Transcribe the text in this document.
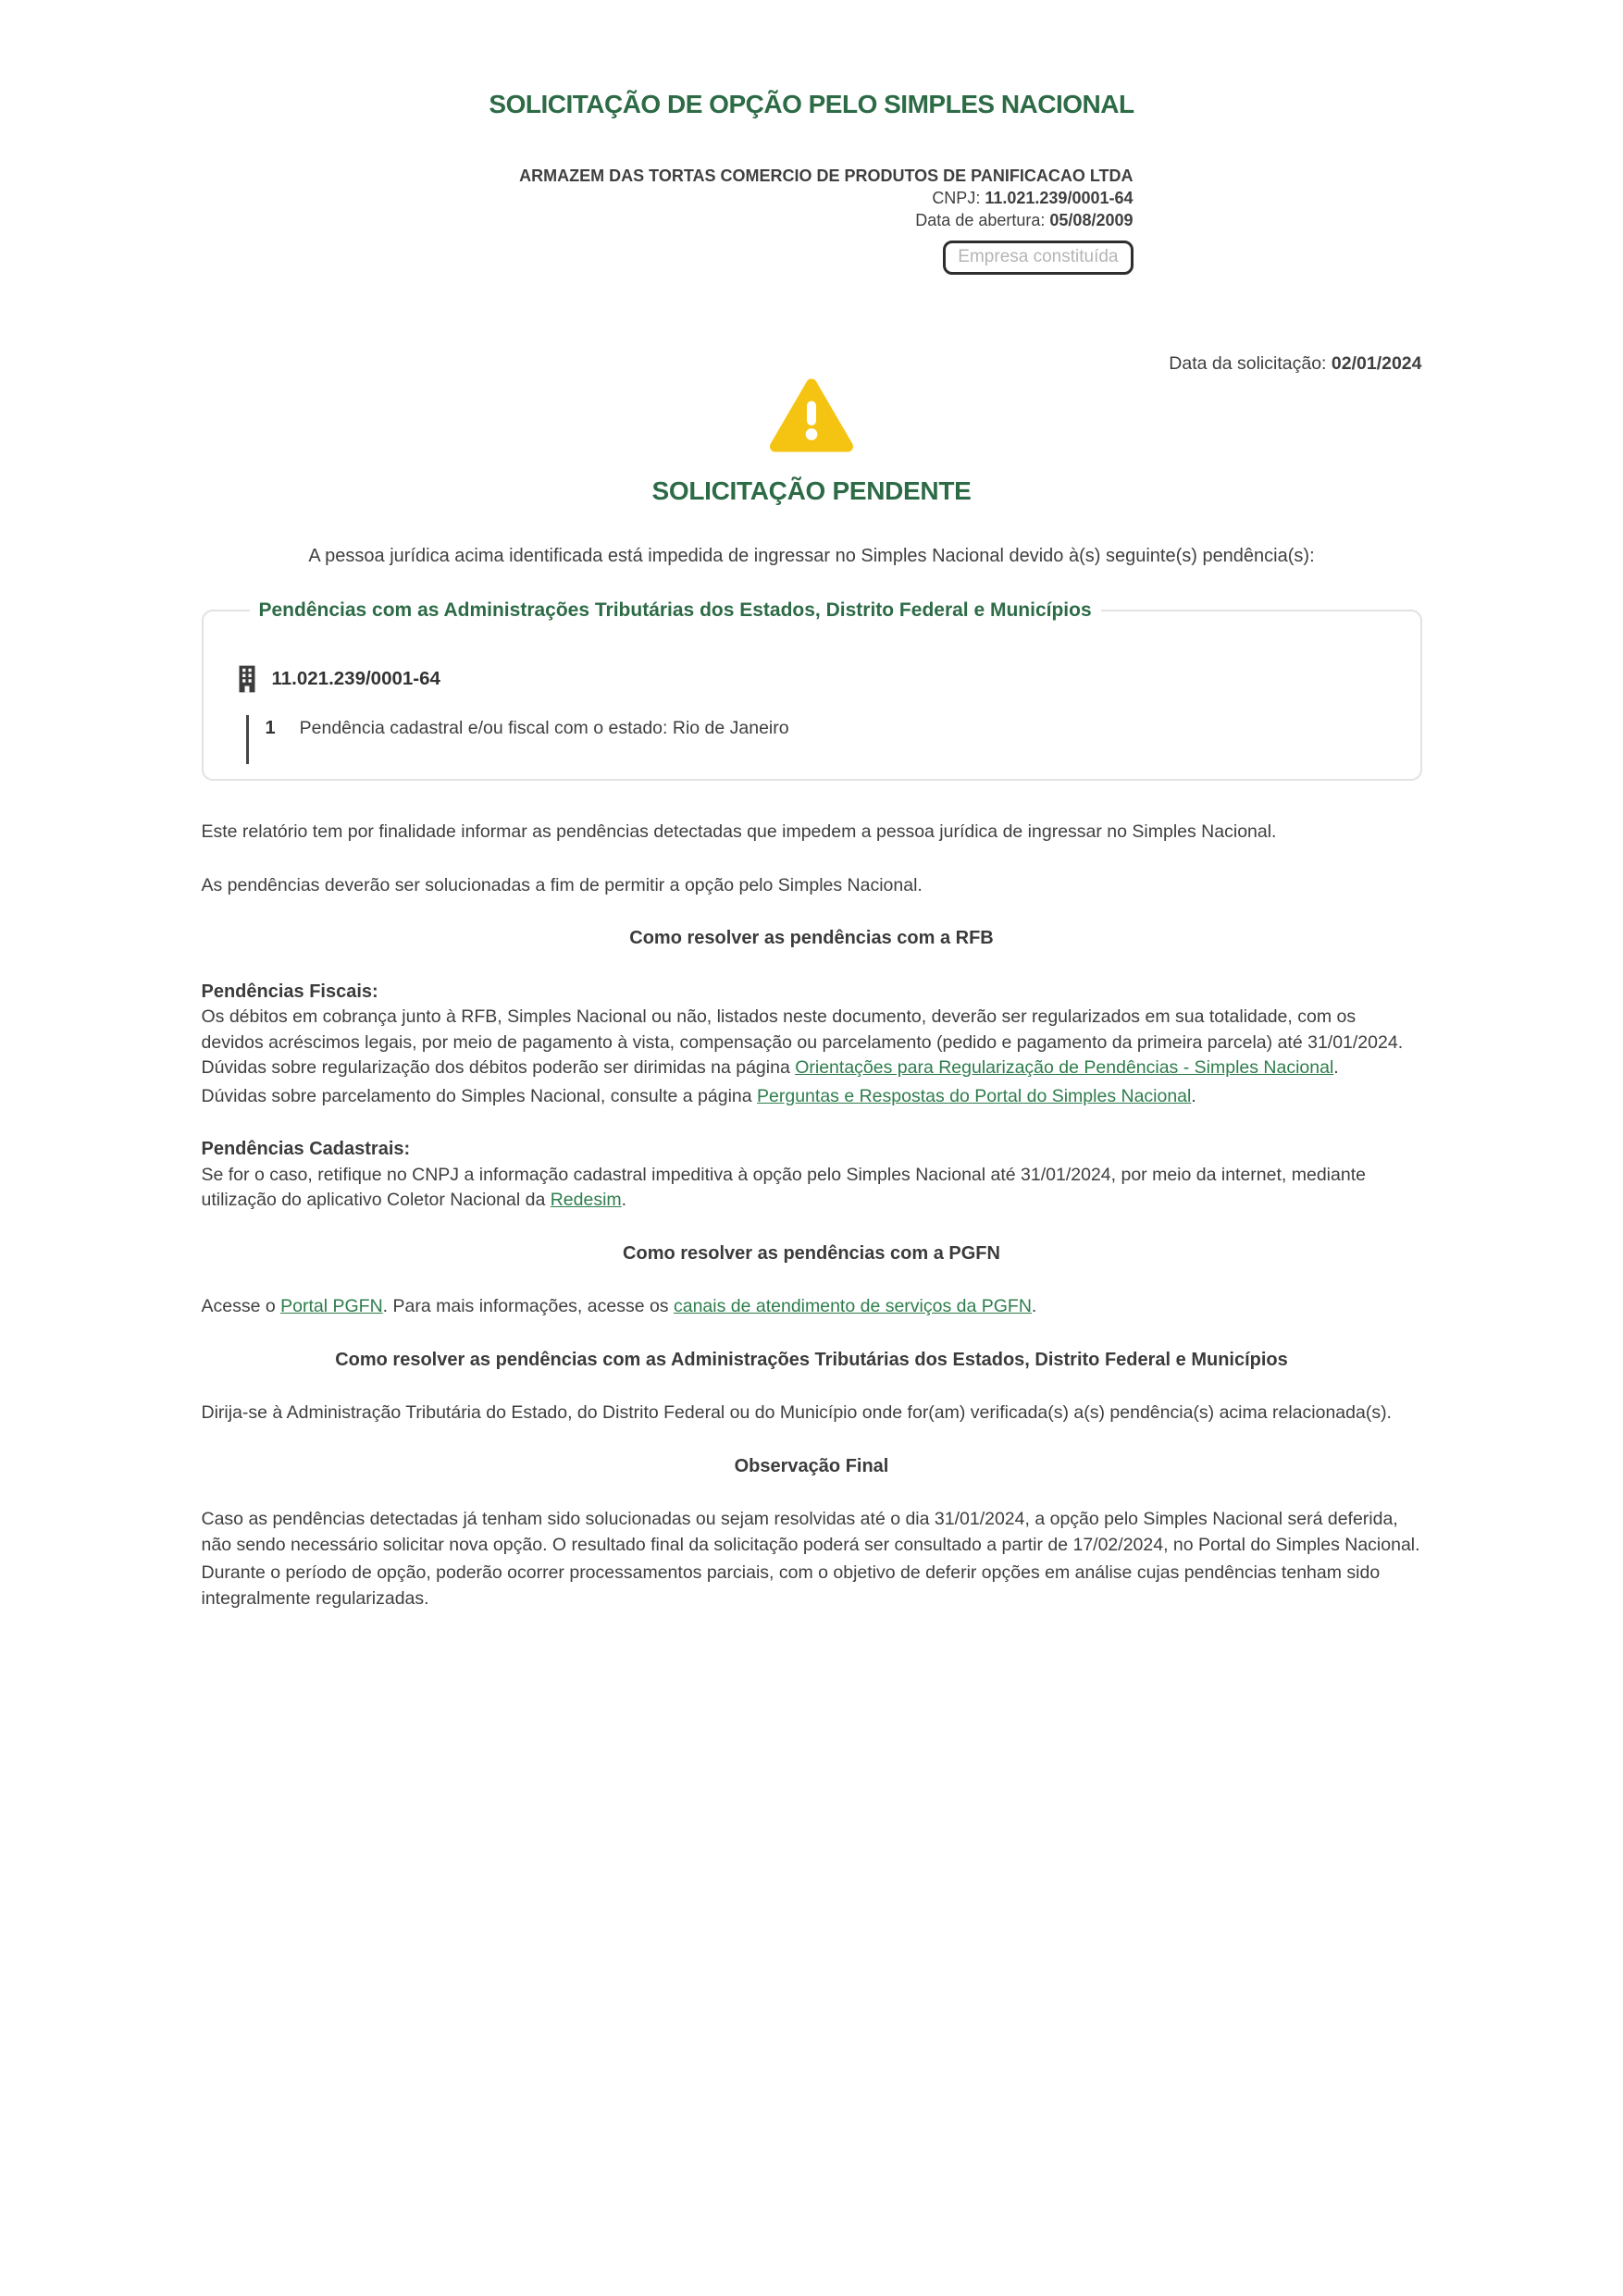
SOLICITAÇÃO DE OPÇÃO PELO SIMPLES NACIONAL
ARMAZEM DAS TORTAS COMERCIO DE PRODUTOS DE PANIFICACAO LTDA
CNPJ: 11.021.239/0001-64
Data de abertura: 05/08/2009
Empresa constituída
Data da solicitação: 02/01/2024
SOLICITAÇÃO PENDENTE

A pessoa jurídica acima identificada está impedida de ingressar no Simples Nacional devido à(s) seguinte(s) pendência(s):

Pendências com as Administrações Tributárias dos Estados, Distrito Federal e Municípios
11.021.239/0001-64
1 Pendência cadastral e/ou fiscal com o estado: Rio de Janeiro

Este relatório tem por finalidade informar as pendências detectadas que impedem a pessoa jurídica de ingressar no Simples Nacional.

As pendências deverão ser solucionadas a fim de permitir a opção pelo Simples Nacional.

Como resolver as pendências com a RFB

Pendências Fiscais:

Os débitos em cobrança junto à RFB, Simples Nacional ou não, listados neste documento, deverão ser regularizados em sua totalidade, com os devidos acréscimos legais, por meio de pagamento à vista, compensação ou parcelamento (pedido e pagamento da primeira parcela) até 31/01/2024.

Dúvidas sobre regularização dos débitos poderão ser dirimidas na página Orientações para Regularização de Pendências - Simples Nacional.

Dúvidas sobre parcelamento do Simples Nacional, consulte a página Perguntas e Respostas do Portal do Simples Nacional.

Pendências Cadastrais:

Se for o caso, retifique no CNPJ a informação cadastral impeditiva à opção pelo Simples Nacional até 31/01/2024, por meio da internet, mediante utilização do aplicativo Coletor Nacional da Redesim.

Como resolver as pendências com a PGFN

Acesse o Portal PGFN. Para mais informações, acesse os canais de atendimento de serviços da PGFN.

Como resolver as pendências com as Administrações Tributárias dos Estados, Distrito Federal e Municípios

Dirija-se à Administração Tributária do Estado, do Distrito Federal ou do Município onde for(am) verificada(s) a(s) pendência(s) acima relacionada(s).

Observação Final

Caso as pendências detectadas já tenham sido solucionadas ou sejam resolvidas até o dia 31/01/2024, a opção pelo Simples Nacional será deferida, não sendo necessário solicitar nova opção. O resultado final da solicitação poderá ser consultado a partir de 17/02/2024, no Portal do Simples Nacional.

Durante o período de opção, poderão ocorrer processamentos parciais, com o objetivo de deferir opções em análise cujas pendências tenham sido integralmente regularizadas.
